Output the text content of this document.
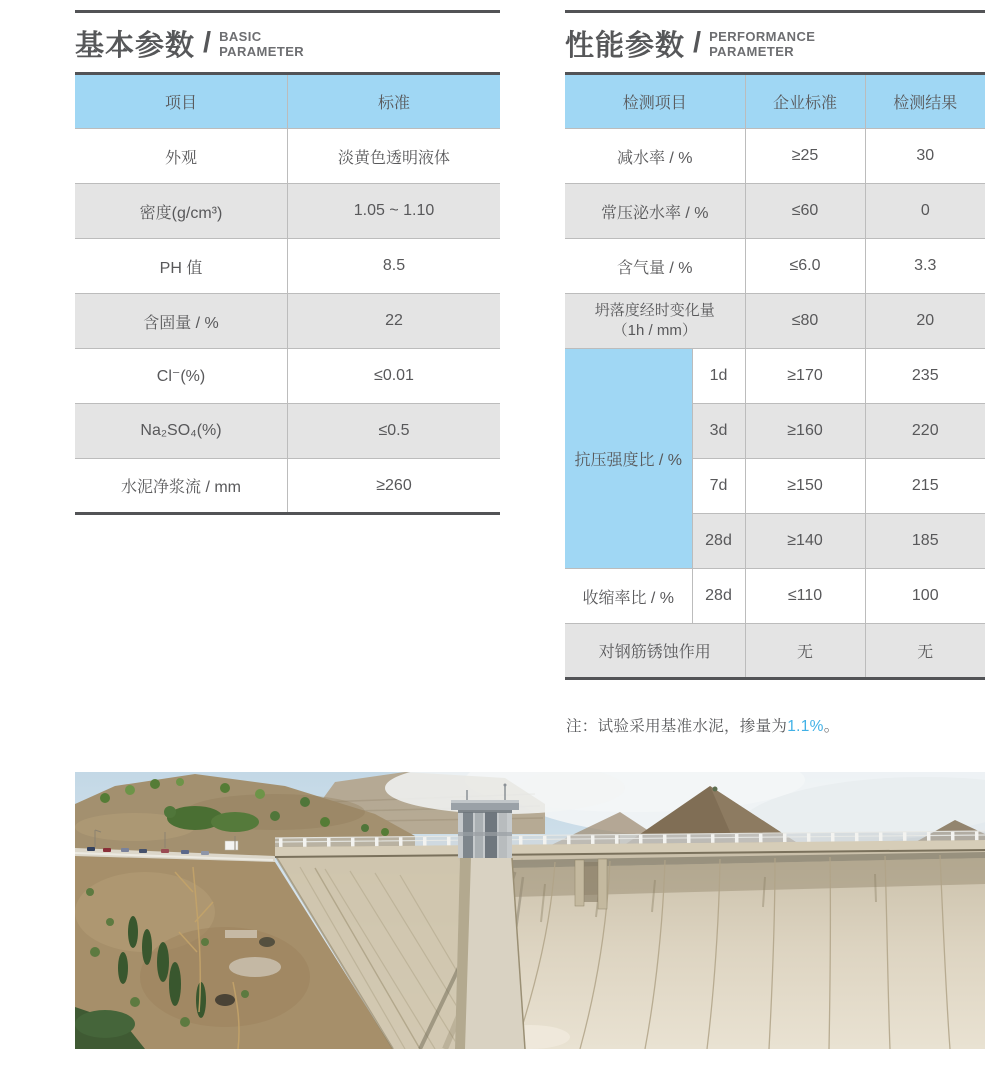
基本参数 / BASIC
PARAMETER
项目	标准
外观	淡黄色透明液体
密度(g/cm³)	1.05 ~ 1.10
PH 值	8.5
含固量 / %	22
Cl⁻(%)	≤0.01
Na₂SO₄(%)	≤0.5
水泥净浆流 / mm	≥260
性能参数 / PERFORMANCE
PARAMETER
检测项目		企业标准	检测结果
减水率 / %		≥25	30
常压泌水率 / %		≤60	0
含气量 / %		≤6.0	3.3

坍落度经时变化量
（1h / mm）		≤80	20
抗压强度比 / %	1d	≥170	235
	3d	≥160	220
	7d	≥150	215
	28d	≥140	185
收缩率比 / %	28d	≤110	100
对钢筋锈蚀作用		无	无

注：试验采用基准水泥，掺量为1.1%。
